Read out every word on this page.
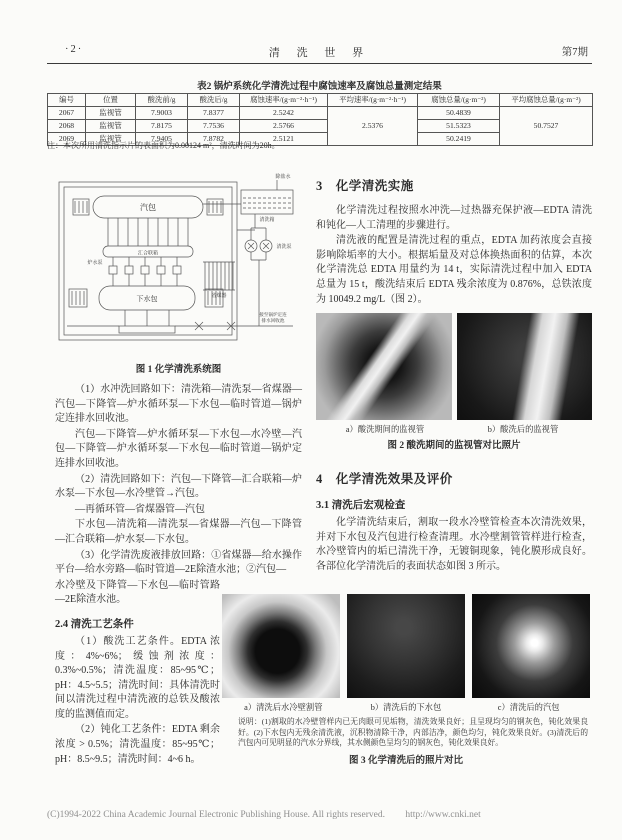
·2·	清 洗 世 界	第7期
表2 锅炉系统化学清洗过程中腐蚀速率及腐蚀总量测定结果
编号	位置	酸洗前/g	酸洗后/g	腐蚀速率/(g·m⁻²·h⁻¹)	平均速率/(g·m⁻²·h⁻¹)	腐蚀总量/(g·m⁻²)	平均腐蚀总量/(g·m⁻²)
2067	监视管	7.9003	7.8377	2.5242	2.5376	50.4839	50.7527
2068	监视管	7.8175	7.7536	2.5766		51.5323	
2069	监视管	7.9405	7.8782	2.5121		50.2419	
注：本次所用清洗指示片的表面积为0.00124 m²，清洗时间为20h。
汽包
汇合联箱
炉水泵
下水包	省煤器
清洗箱
清洗泵
除盐水
接至锅炉定连
排水回收池
图 1 化学清洗系统图

（1）水冲洗回路如下：清洗箱—清洗泵—省煤器—汽包—下降管—炉水循环泵—下水包—临时管道—锅炉定连排水回收池。

汽包—下降管—炉水循环泵—下水包—水冷壁—汽包—下降管—炉水循环泵—下水包—临时管道—锅炉定连排水回收池。

（2）清洗回路如下：汽包—下降管—汇合联箱—炉水泵—下水包—水冷壁管→汽包。

—再循环管—省煤器管—汽包

下水包—清洗箱—清洗泵—省煤器—汽包—下降管—汇合联箱—炉水泵—下水包。

（3）化学清洗废液排放回路：①省煤器—给水操作平台—给水旁路—临时管道—2E除渣水池；②汽包—

水冷壁及下降管—下水包—临时管路—2E除渣水池。

2.4 清洗工艺条件

（1）酸洗工艺条件。EDTA 浓度：4%~6%；缓蚀剂浓度：0.3%~0.5%；清洗温度：85~95℃；pH：4.5~5.5；清洗时间：具体清洗时间以清洗过程中清洗液的总铁及酸浓度的监测值而定。

（2）钝化工艺条件：EDTA 剩余浓度 > 0.5%；清洗温度：85~95℃；pH：8.5~9.5；清洗时间：4~6 h。

3　化学清洗实施

化学清洗过程按照水冲洗—过热器充保护液—EDTA 清洗和钝化—人工清理的步骤进行。

清洗液的配置是清洗过程的重点，EDTA 加药浓度会直接影响除垢率的大小。根据垢量及对总体换热面积的估算，本次化学清洗总 EDTA 用量约为 14 t，实际清洗过程中加入 EDTA 总量为 15 t，酸洗结束后 EDTA 残余浓度为 0.876%，总铁浓度为 10049.2 mg/L（图 2）。

a）酸洗期间的监视管	b）酸洗后的监视管
图 2 酸洗期间的监视管对比照片
4　化学清洗效果及评价
3.1 清洗后宏观检查

化学清洗结束后，割取一段水冷壁管检查本次清洗效果，并对下水包及汽包进行检查清理。水冷壁割管管样进行检查，水冷壁管内的垢已清洗干净，无镀铜现象，钝化膜形成良好。各部位化学清洗后的表面状态如图 3 所示。

a）清洗后水冷壁割管	b）清洗后的下水包	c）清洗后的汽包
说明：(1)割取的水冷壁管样内已无肉眼可见垢物，清洗效果良好；且呈现均匀的钢灰色，钝化效果良好。(2)下水包内无残余清洗液，沉积物清除干净，内部洁净，颜色均匀，钝化效果良好。(3)清洗后的汽包内可见明显的汽水分界线，其水侧颜色呈均匀的钢灰色，钝化效果良好。
图 3 化学清洗后的照片对比
(C)1994-2022 China Academic Journal Electronic Publishing House. All rights reserved. http://www.cnki.net
